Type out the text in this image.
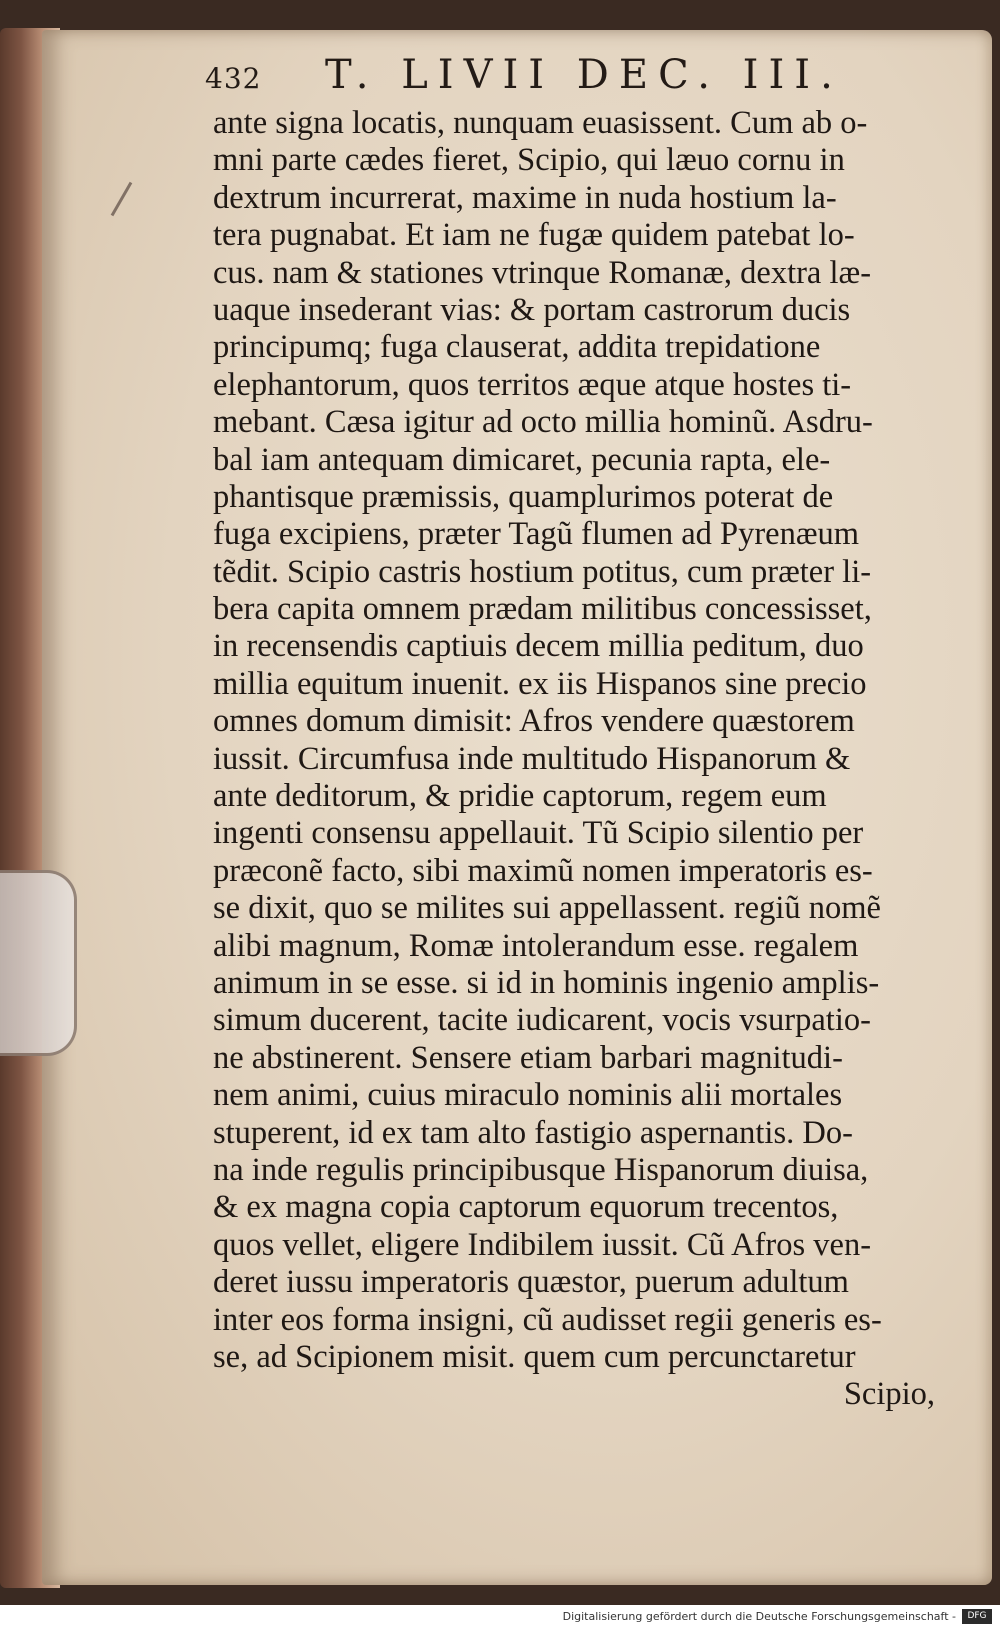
432	T. LIVII DEC. III.
ante signa locatis, nunquam euasissent. Cum ab o-
mni parte cædes fieret, Scipio, qui læuo cornu in
dextrum incurrerat, maxime in nuda hostium la-
tera pugnabat. Et iam ne fugæ quidem patebat lo-
cus. nam & stationes vtrinque Romanæ, dextra læ-
uaque insederant vias: & portam castrorum ducis
principumq; fuga clauserat, addita trepidatione
elephantorum, quos territos æque atque hostes ti-
mebant. Cæsa igitur ad octo millia hominũ. Asdru-
bal iam antequam dimicaret, pecunia rapta, ele-
phantisque præmissis, quamplurimos poterat de
fuga excipiens, præter Tagũ flumen ad Pyrenæum
tẽdit. Scipio castris hostium potitus, cum præter li-
bera capita omnem prædam militibus concessisset,
in recensendis captiuis decem millia peditum, duo
millia equitum inuenit. ex iis Hispanos sine precio
omnes domum dimisit: Afros vendere quæstorem
iussit. Circumfusa inde multitudo Hispanorum &
ante deditorum, & pridie captorum, regem eum
ingenti consensu appellauit. Tũ Scipio silentio per
præconẽ facto, sibi maximũ nomen imperatoris es-
se dixit, quo se milites sui appellassent. regiũ nomẽ
alibi magnum, Romæ intolerandum esse. regalem
animum in se esse. si id in hominis ingenio amplis-
simum ducerent, tacite iudicarent, vocis vsurpatio-
ne abstinerent. Sensere etiam barbari magnitudi-
nem animi, cuius miraculo nominis alii mortales
stuperent, id ex tam alto fastigio aspernantis. Do-
na inde regulis principibusque Hispanorum diuisa,
& ex magna copia captorum equorum trecentos,
quos vellet, eligere Indibilem iussit. Cũ Afros ven-
deret iussu imperatoris quæstor, puerum adultum
inter eos forma insigni, cũ audisset regii generis es-
se, ad Scipionem misit. quem cum percunctaretur
Scipio,
Digitalisierung gefördert durch die Deutsche Forschungsgemeinschaft -	DFG
